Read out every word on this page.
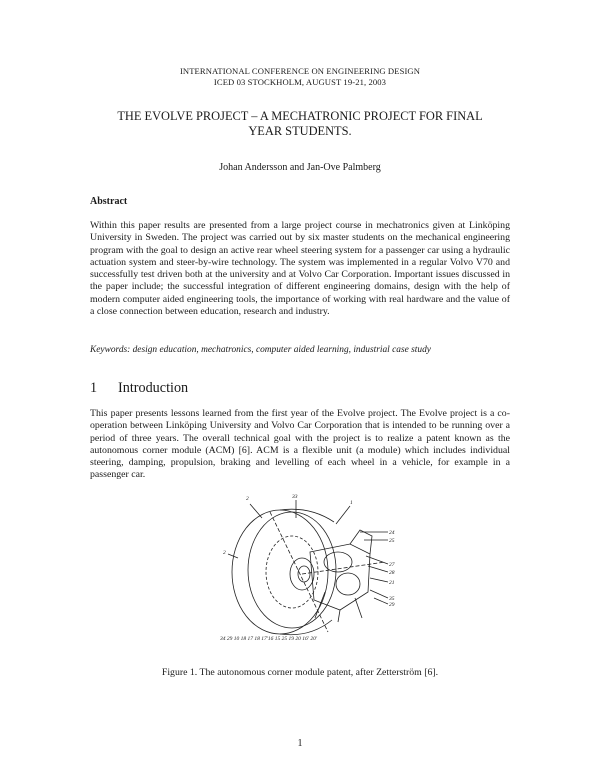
INTERNATIONAL CONFERENCE ON ENGINEERING DESIGN
ICED 03 STOCKHOLM, AUGUST 19-21, 2003
THE EVOLVE PROJECT – A MECHATRONIC PROJECT FOR FINAL
YEAR STUDENTS.
Johan Andersson and Jan-Ove Palmberg
Abstract
Within this paper results are presented from a large project course in mechatronics given at Linköping University in Sweden. The project was carried out by six master students on the mechanical engineering program with the goal to design an active rear wheel steering system for a passenger car using a hydraulic actuation system and steer-by-wire technology. The system was implemented in a regular Volvo V70 and successfully test driven both at the university and at Volvo Car Corporation. Important issues discussed in the paper include; the successful integration of different engineering domains, design with the help of modern computer aided engineering tools, the importance of working with real hardware and the value of a close connection between education, research and industry.
Keywords: design education, mechatronics, computer aided learning, industrial case study
1 Introduction
This paper presents lessons learned from the first year of the Evolve project. The Evolve project is a co-operation between Linköping University and Volvo Car Corporation that is intended to be running over a period of three years. The overall technical goal with the project is to realize a patent known as the autonomous corner module (ACM) [6]. ACM is a flexible unit (a module) which includes individual steering, damping, propulsion, braking and levelling of each wheel in a vehicle, for example in a passenger car.
2	33
1
2
24
25
27
28
21
35
29
34 29 10 18 17 18 17'16 15 25 19 20 16' 20'
Figure 1. The autonomous corner module patent, after Zetterström [6].
1
